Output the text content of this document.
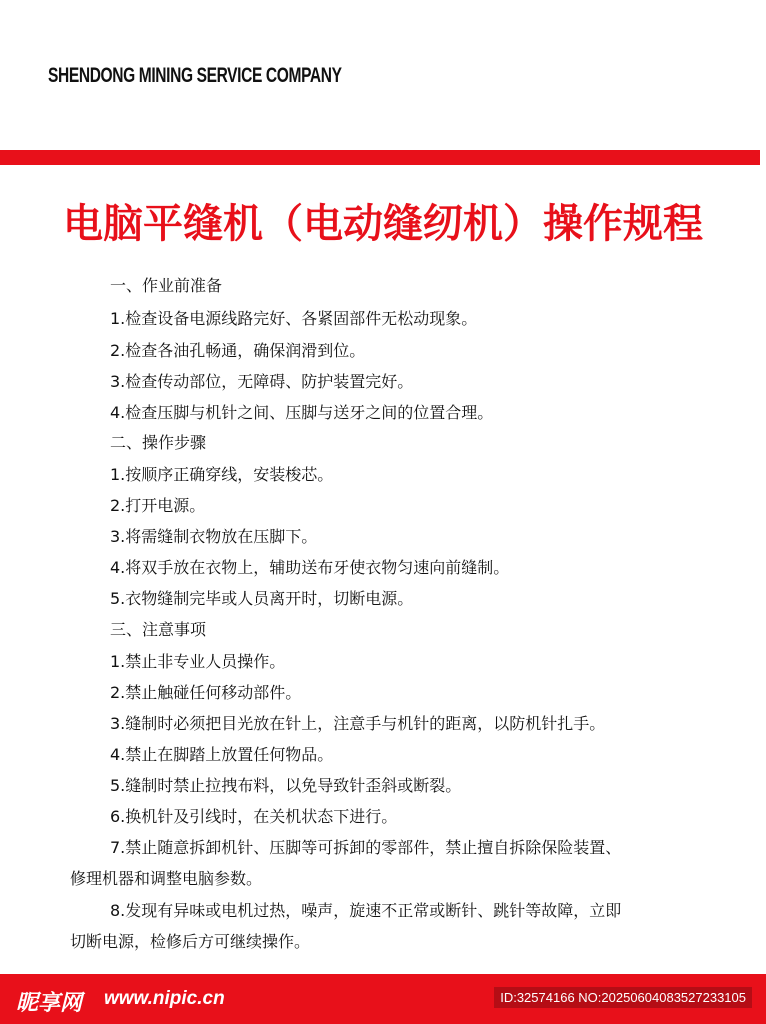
SHENDONG MINING SERVICE COMPANY
电脑平缝机（电动缝纫机）操作规程
一、作业前准备
1.检查设备电源线路完好、各紧固部件无松动现象。
2.检查各油孔畅通，确保润滑到位。
3.检查传动部位，无障碍、防护装置完好。
4.检查压脚与机针之间、压脚与送牙之间的位置合理。
二、操作步骤
1.按顺序正确穿线，安装梭芯。
2.打开电源。
3.将需缝制衣物放在压脚下。
4.将双手放在衣物上，辅助送布牙使衣物匀速向前缝制。
5.衣物缝制完毕或人员离开时，切断电源。
三、注意事项
1.禁止非专业人员操作。
2.禁止触碰任何移动部件。
3.缝制时必须把目光放在针上，注意手与机针的距离，以防机针扎手。
4.禁止在脚踏上放置任何物品。
5.缝制时禁止拉拽布料，以免导致针歪斜或断裂。
6.换机针及引线时，在关机状态下进行。
7.禁止随意拆卸机针、压脚等可拆卸的零部件，禁止擅自拆除保险装置、
修理机器和调整电脑参数。
8.发现有异味或电机过热，噪声，旋速不正常或断针、跳针等故障，立即
切断电源，检修后方可继续操作。
昵享网 www.nipic.cn	ID:32574166 NO:20250604083527233105
